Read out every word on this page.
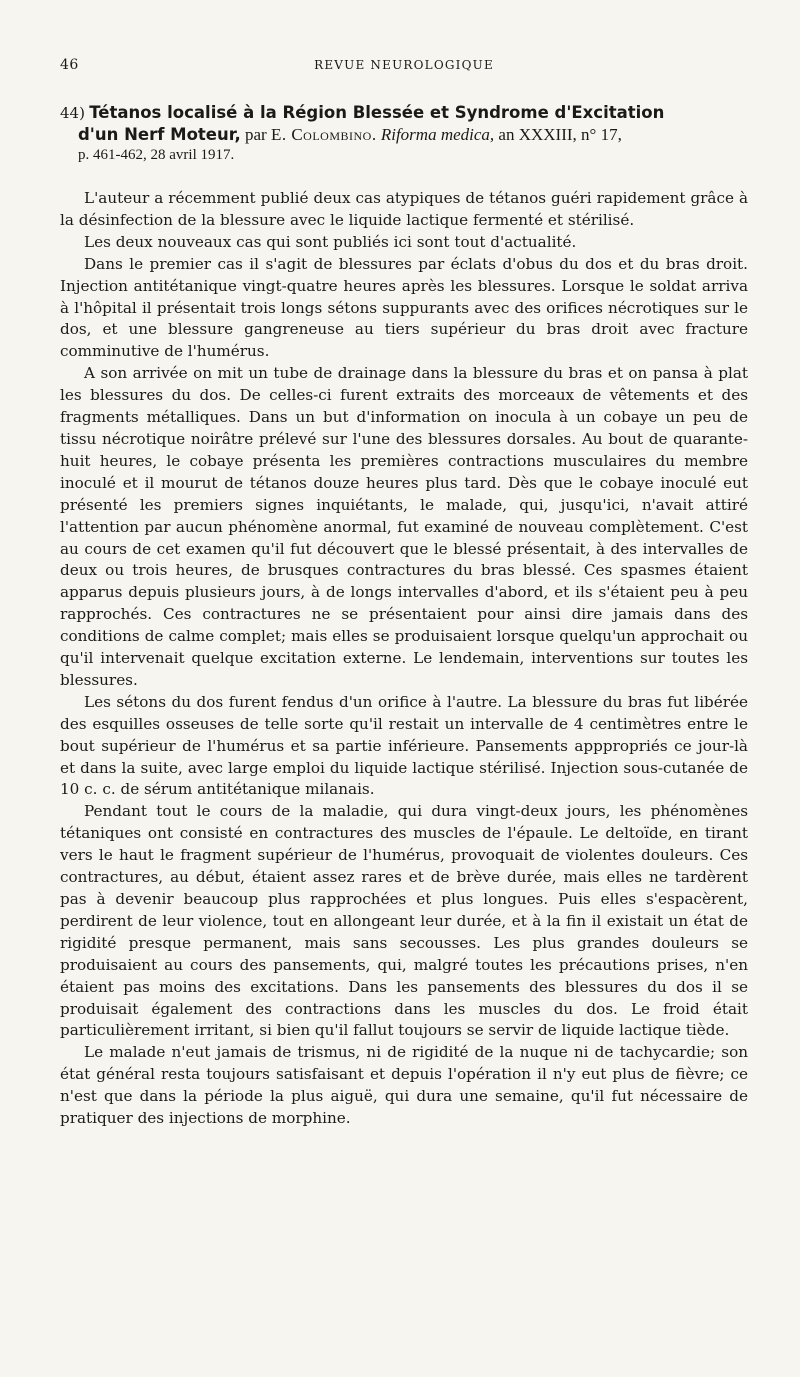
46	REVUE NEUROLOGIQUE
44) Tétanos localisé à la Région Blessée et Syndrome d'Excitation
d'un Nerf Moteur, par E. Colombino. Riforma medica, an XXXIII, n° 17,
p. 461-462, 28 avril 1917.

L'auteur a récemment publié deux cas atypiques de tétanos guéri rapidement grâce à la désinfection de la blessure avec le liquide lactique fermenté et stérilisé.

Les deux nouveaux cas qui sont publiés ici sont tout d'actualité.

Dans le premier cas il s'agit de blessures par éclats d'obus du dos et du bras droit. Injection antitétanique vingt-quatre heures après les blessures. Lorsque le soldat arriva à l'hôpital il présentait trois longs sétons suppurants avec des orifices nécrotiques sur le dos, et une blessure gangreneuse au tiers supérieur du bras droit avec fracture comminutive de l'humérus.

A son arrivée on mit un tube de drainage dans la blessure du bras et on pansa à plat les blessures du dos. De celles-ci furent extraits des morceaux de vêtements et des fragments métalliques. Dans un but d'information on inocula à un cobaye un peu de tissu nécrotique noirâtre prélevé sur l'une des blessures dorsales. Au bout de quarante-huit heures, le cobaye présenta les premières contractions musculaires du membre inoculé et il mourut de tétanos douze heures plus tard. Dès que le cobaye inoculé eut présenté les premiers signes inquiétants, le malade, qui, jusqu'ici, n'avait attiré l'attention par aucun phénomène anormal, fut examiné de nouveau complètement. C'est au cours de cet examen qu'il fut découvert que le blessé présentait, à des intervalles de deux ou trois heures, de brusques contractures du bras blessé. Ces spasmes étaient apparus depuis plusieurs jours, à de longs intervalles d'abord, et ils s'étaient peu à peu rapprochés. Ces contractures ne se présentaient pour ainsi dire jamais dans des conditions de calme complet; mais elles se produisaient lorsque quelqu'un approchait ou qu'il intervenait quelque excitation externe. Le lendemain, interventions sur toutes les blessures.

Les sétons du dos furent fendus d'un orifice à l'autre. La blessure du bras fut libérée des esquilles osseuses de telle sorte qu'il restait un intervalle de 4 centimètres entre le bout supérieur de l'humérus et sa partie inférieure. Pansements apppropriés ce jour-là et dans la suite, avec large emploi du liquide lactique stérilisé. Injection sous-cutanée de 10 c. c. de sérum antitétanique milanais.

Pendant tout le cours de la maladie, qui dura vingt-deux jours, les phénomènes tétaniques ont consisté en contractures des muscles de l'épaule. Le deltoïde, en tirant vers le haut le fragment supérieur de l'humérus, provoquait de violentes douleurs. Ces contractures, au début, étaient assez rares et de brève durée, mais elles ne tardèrent pas à devenir beaucoup plus rapprochées et plus longues. Puis elles s'espacèrent, perdirent de leur violence, tout en allongeant leur durée, et à la fin il existait un état de rigidité presque permanent, mais sans secousses. Les plus grandes douleurs se produisaient au cours des pansements, qui, malgré toutes les précautions prises, n'en étaient pas moins des excitations. Dans les pansements des blessures du dos il se produisait également des contractions dans les muscles du dos. Le froid était particulièrement irritant, si bien qu'il fallut toujours se servir de liquide lactique tiède.

Le malade n'eut jamais de trismus, ni de rigidité de la nuque ni de tachycardie; son état général resta toujours satisfaisant et depuis l'opération il n'y eut plus de fièvre; ce n'est que dans la période la plus aiguë, qui dura une semaine, qu'il fut nécessaire de pratiquer des injections de morphine.
